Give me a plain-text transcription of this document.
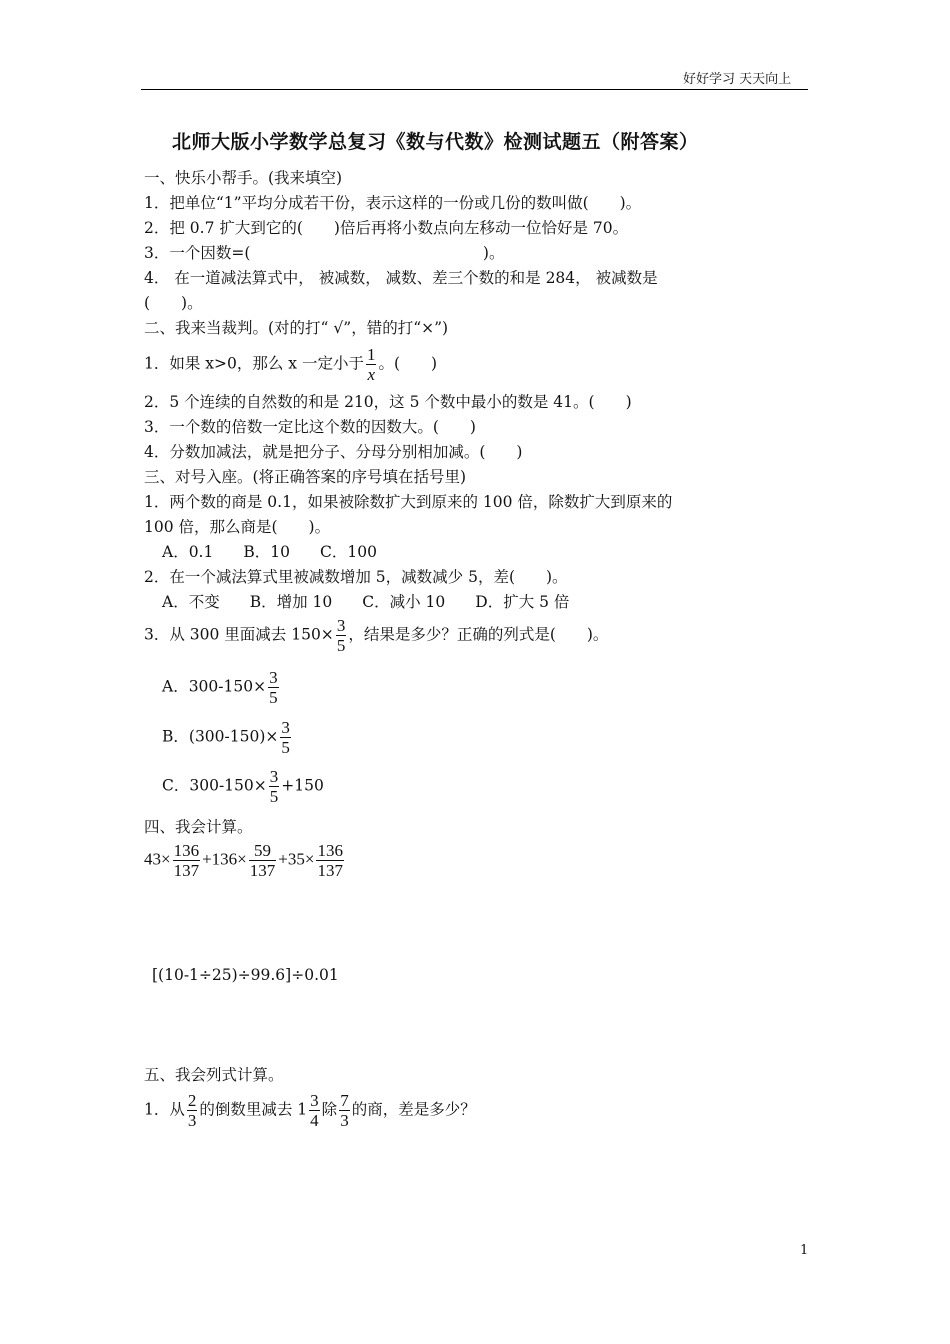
好好学习 天天向上
北师大版小学数学总复习《数与代数》检测试题五（附答案）
一、快乐小帮手。(我来填空)
1．把单位“1”平均分成若干份，表示这样的一份或几份的数叫做(　　)。
2．把 0.7 扩大到它的(　　)倍后再将小数点向左移动一位恰好是 70。
3．一个因数=(　　　　　　　　　　　　　　　)。
4． 在一道减法算式中， 被减数， 减数、差三个数的和是 284， 被减数是
(　　)。
二、我来当裁判。(对的打“ √”，错的打“×”)
1．如果 x>0，那么 x 一定小于 $\frac{1}{x}$ 。(　　)
2．5 个连续的自然数的和是 210，这 5 个数中最小的数是 41。(　　)
3．一个数的倍数一定比这个数的因数大。(　　)
4．分数加减法，就是把分子、分母分别相加减。(　　)
三、对号入座。(将正确答案的序号填在括号里)
1．两个数的商是 0.1，如果被除数扩大到原来的 100 倍，除数扩大到原来的
100 倍，那么商是(　　)。
A．0.1 B．10 C．100
2．在一个减法算式里被减数增加 5，减数减少 5，差(　　)。
A．不变 B．增加 10 C．减小 10 D．扩大 5 倍
3．从 300 里面减去 $150\times \frac{3}{5}$ ，结果是多少？正确的列式是(　　)。
A．$300-150\times \frac{3}{5}$
B．$(300-150)\times \frac{3}{5}$
C．$300-150\times \frac{3}{5} +150$
四、我会计算。
$43\times \frac{136}{137} +136\times \frac{59}{137} +35\times \frac{136}{137}$
[(10-1÷25)÷99.6]÷0.01
五、我会列式计算。
1．从 $\frac{2}{3}$ 的倒数里减去 $1 \frac{3}{4}$ 除 $\frac{7}{3}$ 的商，差是多少？
1
